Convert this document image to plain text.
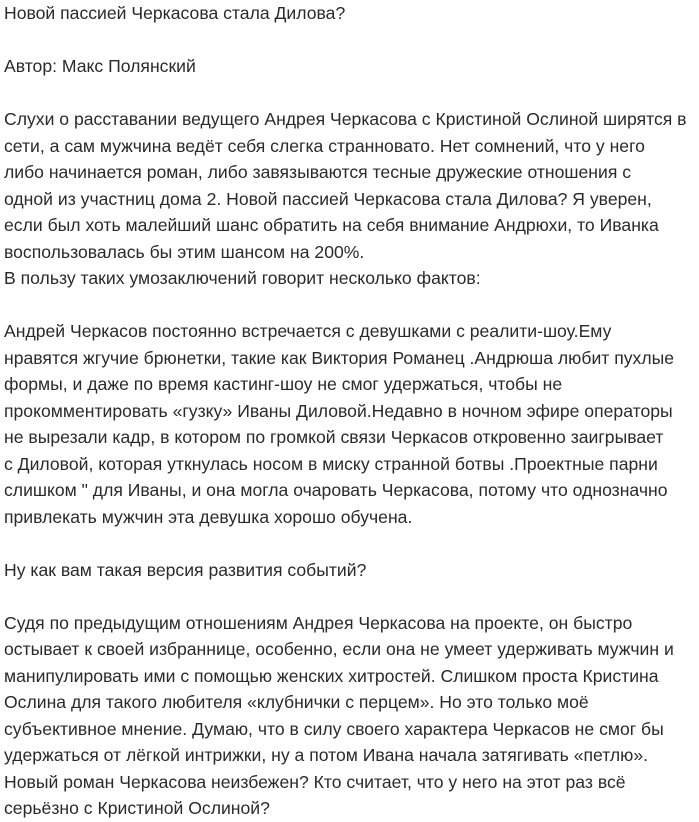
Новой пассией Черкасова стала Дилова?

Автор: Макс Полянский

Слухи о расставании ведущего Андрея Черкасова с Кристиной Ослиной ширятся в

сети, а сам мужчина ведёт себя слегка странновато. Нет сомнений, что у него

либо начинается роман, либо завязываются тесные дружеские отношения с

одной из участниц дома 2. Новой пассией Черкасова стала Дилова? Я уверен,

если был хоть малейший шанс обратить на себя внимание Андрюхи, то Иванка

воспользовалась бы этим шансом на 200%.

В пользу таких умозаключений говорит несколько фактов:

Андрей Черкасов постоянно встречается с девушками с реалити-шоу.Ему

нравятся жгучие брюнетки, такие как Виктория Романец .Андрюша любит пухлые

формы, и даже по время кастинг-шоу не смог удержаться, чтобы не

прокомментировать «гузку» Иваны Диловой.Недавно в ночном эфире операторы

не вырезали кадр, в котором по громкой связи Черкасов откровенно заигрывает

с Диловой, которая уткнулась носом в миску странной ботвы .Проектные парни

слишком " для Иваны, и она могла очаровать Черкасова, потому что однозначно

привлекать мужчин эта девушка хорошо обучена.

Ну как вам такая версия развития событий?

Судя по предыдущим отношениям Андрея Черкасова на проекте, он быстро

остывает к своей избраннице, особенно, если она не умеет удерживать мужчин и

манипулировать ими с помощью женских хитростей. Слишком проста Кристина

Ослина для такого любителя «клубнички с перцем». Но это только моё

субъективное мнение. Думаю, что в силу своего характера Черкасов не смог бы

удержаться от лёгкой интрижки, ну а потом Ивана начала затягивать «петлю».

Новый роман Черкасова неизбежен? Кто считает, что у него на этот раз всё

серьёзно с Кристиной Ослиной?
